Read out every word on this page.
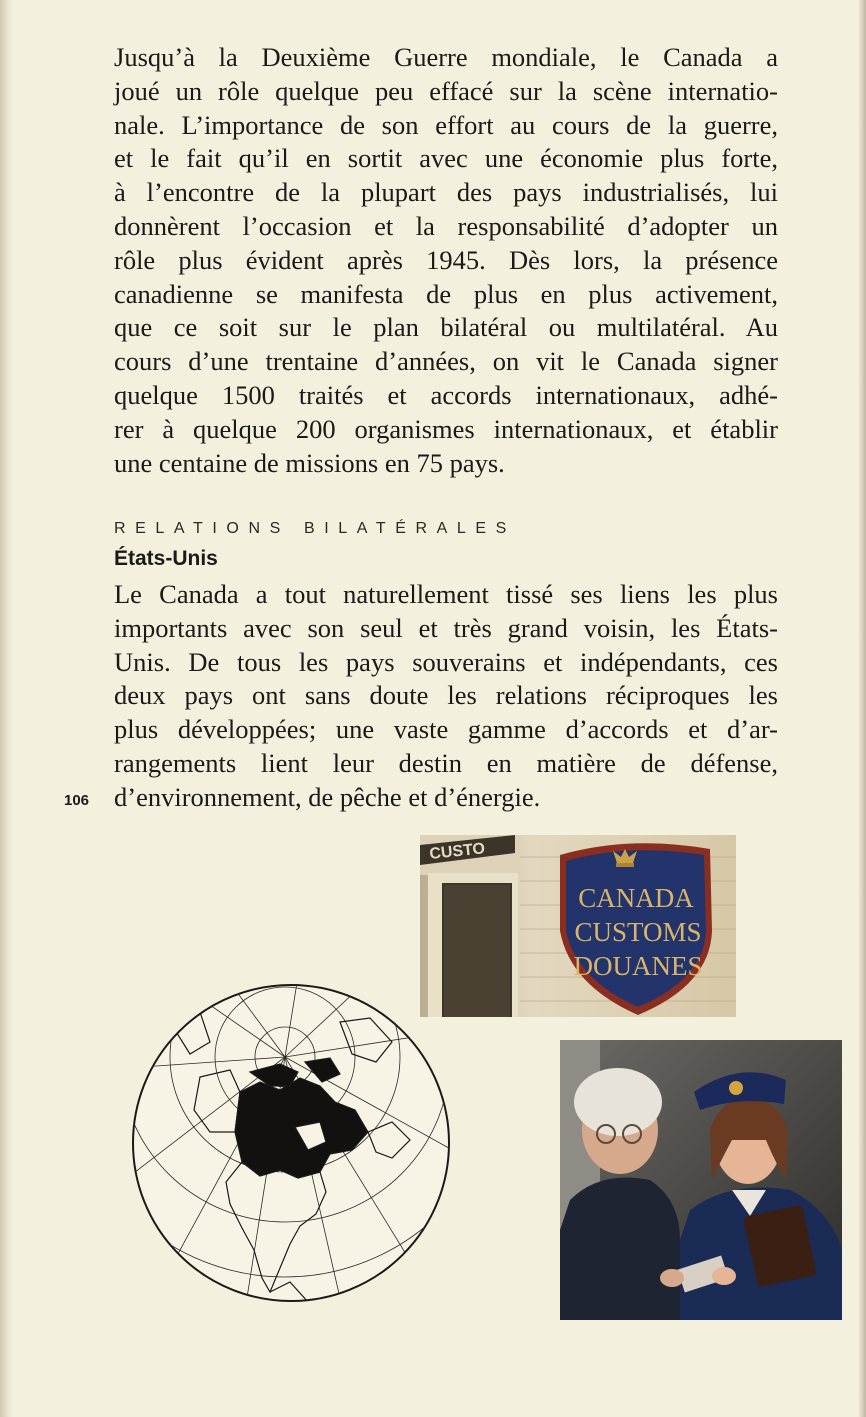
Jusqu’à la Deuxième Guerre mondiale, le Canada a
joué un rôle quelque peu effacé sur la scène internatio-
nale. L’importance de son effort au cours de la guerre,
et le fait qu’il en sortit avec une économie plus forte,
à l’encontre de la plupart des pays industrialisés, lui
donnèrent l’occasion et la responsabilité d’adopter un
rôle plus évident après 1945. Dès lors, la présence
canadienne se manifesta de plus en plus activement,
que ce soit sur le plan bilatéral ou multilatéral. Au
cours d’une trentaine d’années, on vit le Canada signer
quelque 1500 traités et accords internationaux, adhé-
rer à quelque 200 organismes internationaux, et établir
une centaine de missions en 75 pays.
RELATIONS BILATÉRALES
États-Unis
Le Canada a tout naturellement tissé ses liens les plus
importants avec son seul et très grand voisin, les États-
Unis. De tous les pays souverains et indépendants, ces
deux pays ont sans doute les relations réciproques les
plus développées; une vaste gamme d’accords et d’ar-
rangements lient leur destin en matière de défense,
d’environnement, de pêche et d’énergie.
106
CUSTO
CANADA
CUSTOMS
DOUANES
